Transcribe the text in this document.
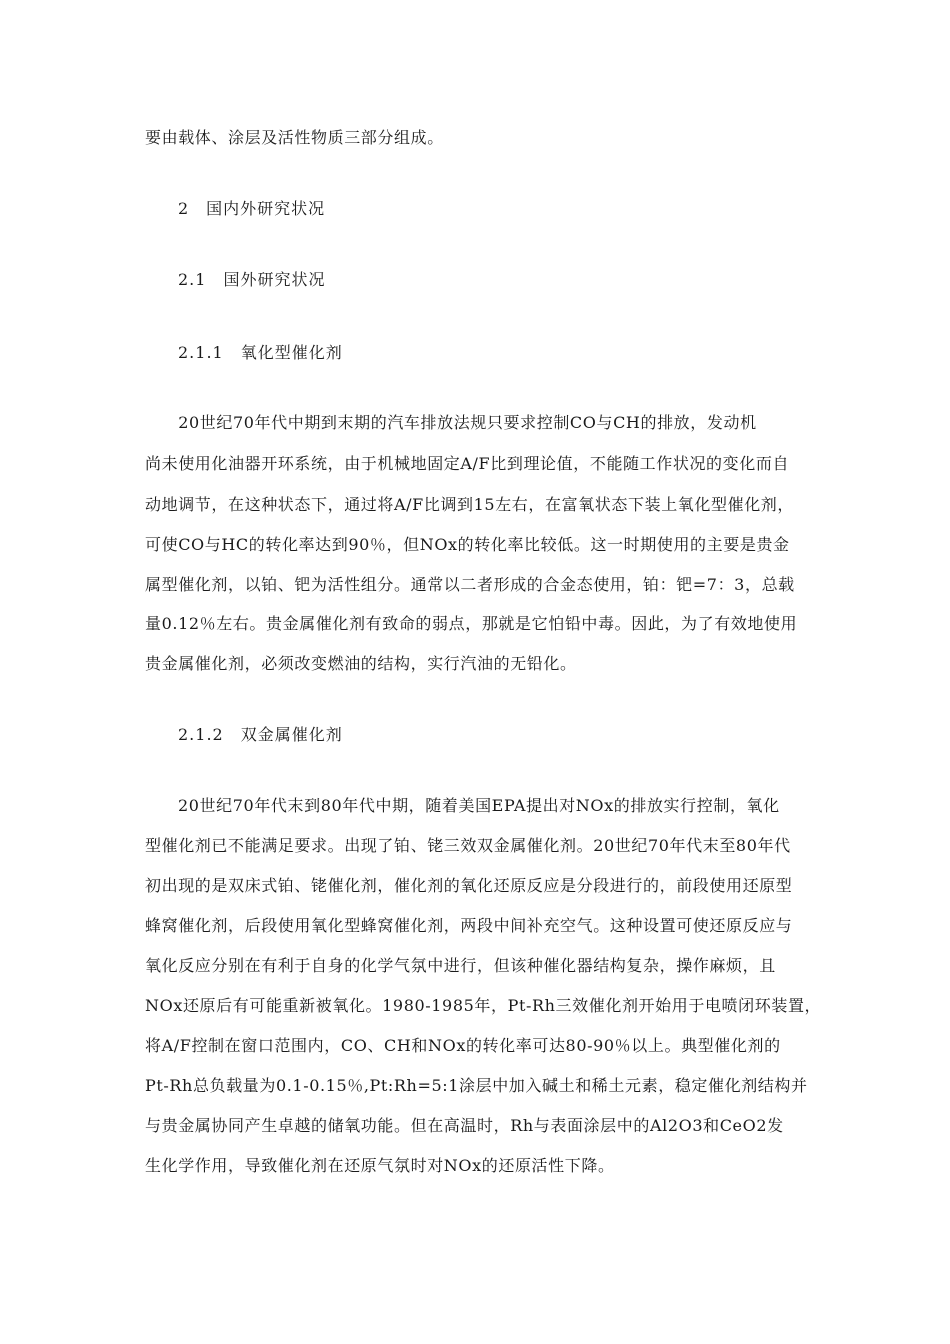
要由载体、涂层及活性物质三部分组成。
2　国内外研究状况
2.1　国外研究状况
2.1.1　氧化型催化剂
　　20世纪70年代中期到末期的汽车排放法规只要求控制CO与CH的排放，发动机
尚未使用化油器开环系统，由于机械地固定A/F比到理论值，不能随工作状况的变化而自
动地调节，在这种状态下，通过将A/F比调到15左右，在富氧状态下装上氧化型催化剂，
可使CO与HC的转化率达到90％，但NOx的转化率比较低。这一时期使用的主要是贵金
属型催化剂，以铂、钯为活性组分。通常以二者形成的合金态使用，铂：钯=7：3，总载
量0.12％左右。贵金属催化剂有致命的弱点，那就是它怕铅中毒。因此，为了有效地使用
贵金属催化剂，必须改变燃油的结构，实行汽油的无铅化。
2.1.2　双金属催化剂
20世纪70年代末到80年代中期，随着美国EPA提出对NOx的排放实行控制，氧化
型催化剂已不能满足要求。出现了铂、铑三效双金属催化剂。20世纪70年代末至80年代
初出现的是双床式铂、铑催化剂，催化剂的氧化还原反应是分段进行的，前段使用还原型
蜂窝催化剂，后段使用氧化型蜂窝催化剂，两段中间补充空气。这种设置可使还原反应与
氧化反应分别在有利于自身的化学气氛中进行，但该种催化器结构复杂，操作麻烦，且
NOx还原后有可能重新被氧化。1980-1985年，Pt-Rh三效催化剂开始用于电喷闭环装置，
将A/F控制在窗口范围内，CO、CH和NOx的转化率可达80-90％以上。典型催化剂的
Pt-Rh总负载量为0.1-0.15％,Pt:Rh=5:1涂层中加入碱土和稀土元素，稳定催化剂结构并
与贵金属协同产生卓越的储氧功能。但在高温时，Rh与表面涂层中的Al2O3和CeO2发
生化学作用，导致催化剂在还原气氛时对NOx的还原活性下降。
